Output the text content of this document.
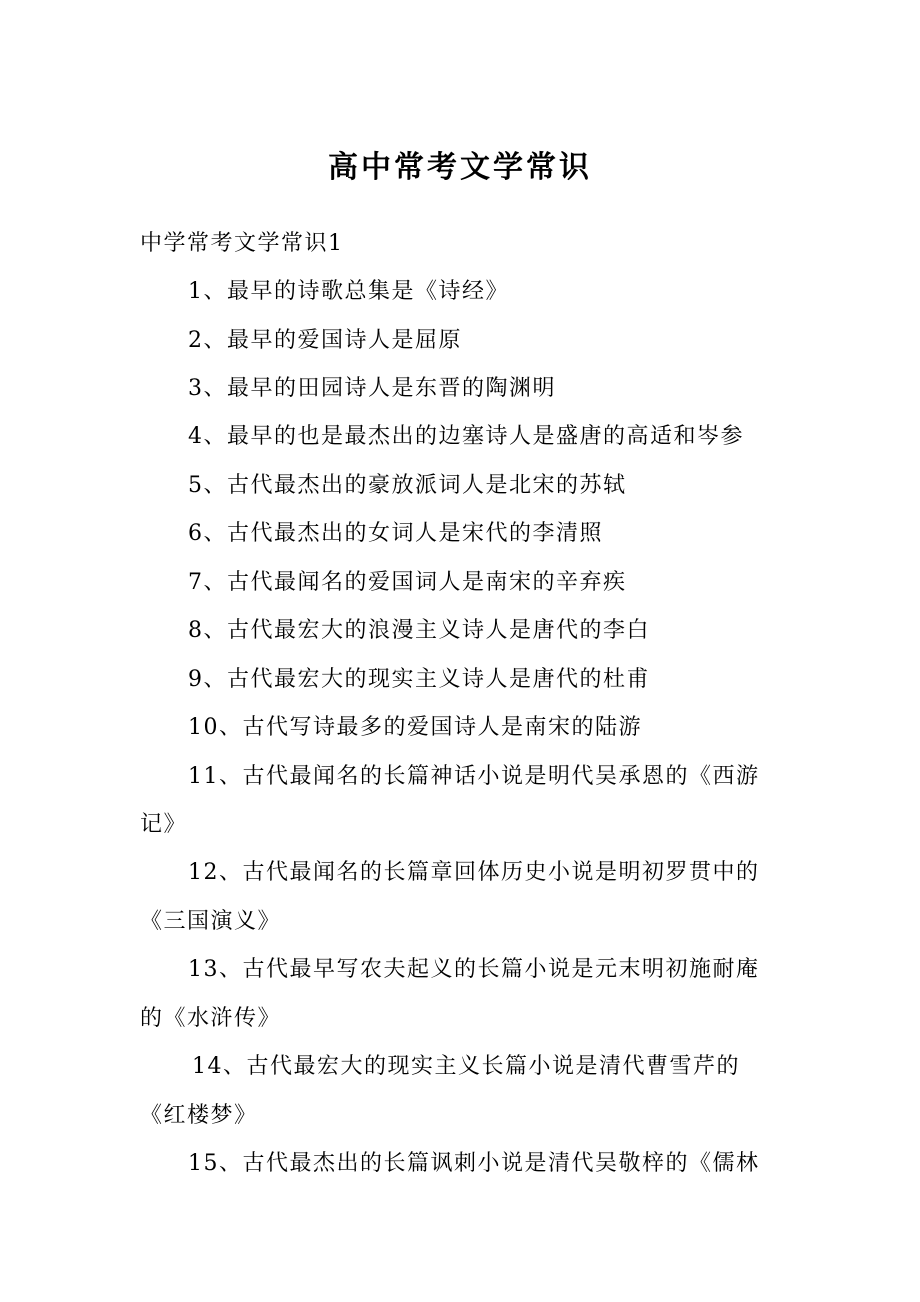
高中常考文学常识
中学常考文学常识1
1、最早的诗歌总集是《诗经》
2、最早的爱国诗人是屈原
3、最早的田园诗人是东晋的陶渊明
4、最早的也是最杰出的边塞诗人是盛唐的高适和岑参
5、古代最杰出的豪放派词人是北宋的苏轼
6、古代最杰出的女词人是宋代的李清照
7、古代最闻名的爱国词人是南宋的辛弃疾
8、古代最宏大的浪漫主义诗人是唐代的李白
9、古代最宏大的现实主义诗人是唐代的杜甫
10、古代写诗最多的爱国诗人是南宋的陆游
11、古代最闻名的长篇神话小说是明代吴承恩的《西游
记》
12、古代最闻名的长篇章回体历史小说是明初罗贯中的
《三国演义》
13、古代最早写农夫起义的长篇小说是元末明初施耐庵
的《水浒传》
14、古代最宏大的现实主义长篇小说是清代曹雪芹的
《红楼梦》
15、古代最杰出的长篇讽刺小说是清代吴敬梓的《儒林
